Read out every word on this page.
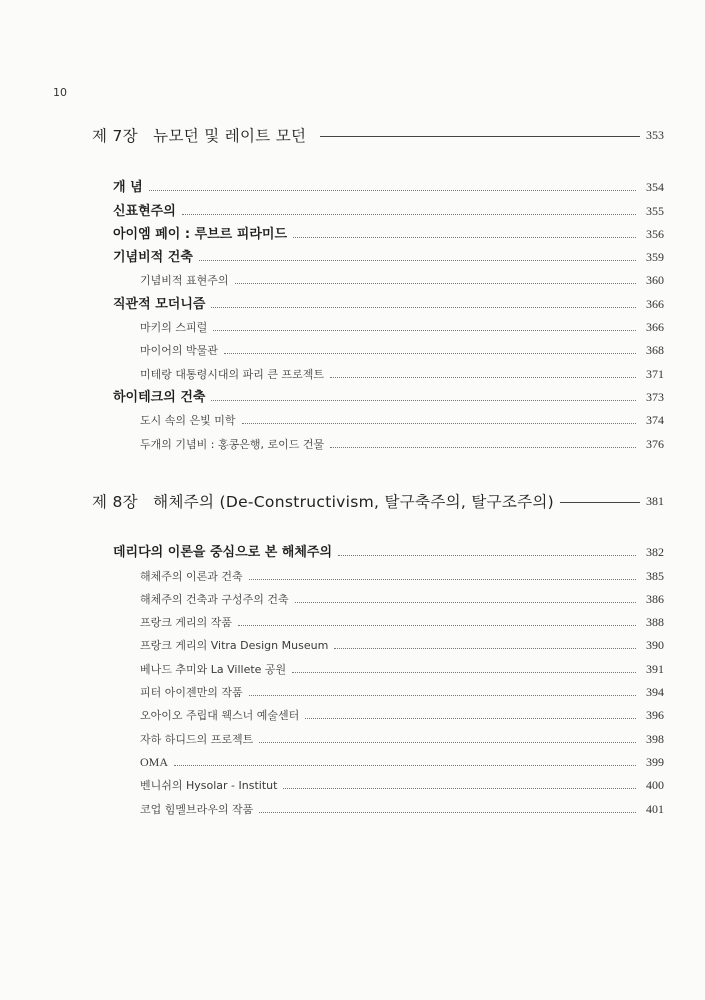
10
제 7장 뉴모던 및 레이트 모던	353
개 념	354
신표현주의	355
아이엠 페이 : 루브르 피라미드	356
기념비적 건축	359
기념비적 표현주의	360
직관적 모더니즘	366
마키의 스피럴	366
마이어의 박물관	368
미테랑 대통령시대의 파리 큰 프로젝트	371
하이테크의 건축	373
도시 속의 은빛 미학	374
두개의 기념비 : 홍콩은행, 로이드 건물	376
제 8장 해체주의 (De-Constructivism, 탈구축주의, 탈구조주의)	381
데리다의 이론을 중심으로 본 해체주의	382
해체주의 이론과 건축	385
해체주의 건축과 구성주의 건축	386
프랑크 게리의 작품	388
프랑크 게리의 Vitra Design Museum	390
베나드 추미와 La Villete 공원	391
피터 아이젠만의 작품	394
오아이오 주립대 웩스너 예술센터	396
자하 하디드의 프로젝트	398
OMA	399
벤니쉬의 Hysolar - Institut	400
코업 힘멜브라우의 작품	401
